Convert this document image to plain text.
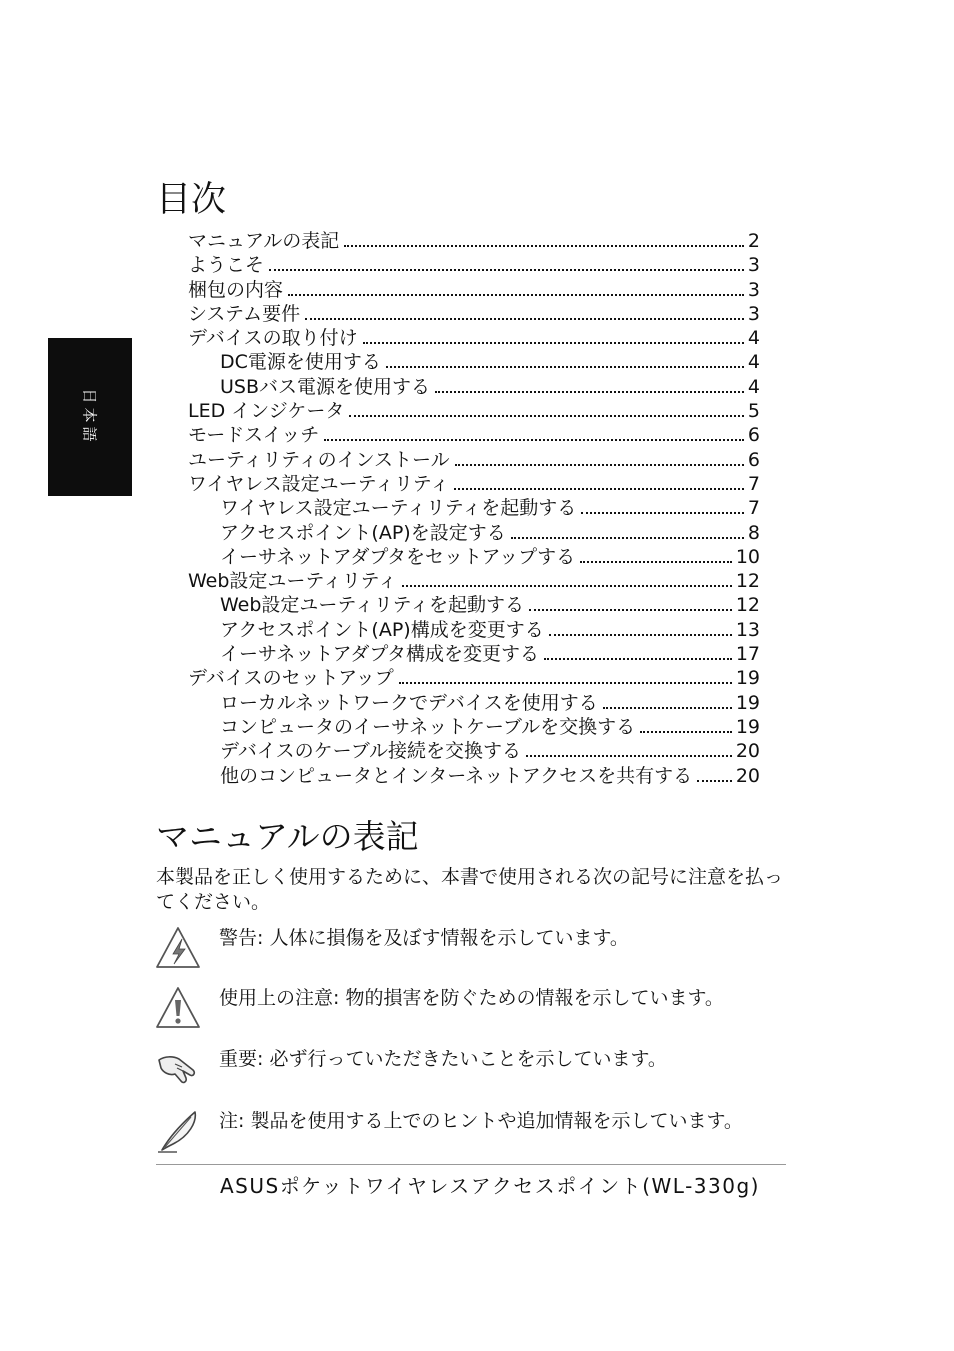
日本語
目次
マニュアルの表記	2
ようこそ	3
梱包の内容	3
システム要件	3
デバイスの取り付け	4
DC電源を使用する	4
USBバス電源を使用する	4
LED インジケータ	5
モードスイッチ	6
ユーティリティのインストール	6
ワイヤレス設定ユーティリティ	7
ワイヤレス設定ユーティリティを起動する	7
アクセスポイント(AP)を設定する	8
イーサネットアダプタをセットアップする	10
Web設定ユーティリティ	12
Web設定ユーティリティを起動する	12
アクセスポイント(AP)構成を変更する	13
イーサネットアダプタ構成を変更する	17
デバイスのセットアップ	19
ローカルネットワークでデバイスを使用する	19
コンピュータのイーサネットケーブルを交換する	19
デバイスのケーブル接続を交換する	20
他のコンピュータとインターネットアクセスを共有する 20
マニュアルの表記

本製品を正しく使用するために、本書で使用される次の記号に注意を払ってください。

警告: 人体に損傷を及ぼす情報を示しています。
使用上の注意: 物的損害を防ぐための情報を示しています。
重要: 必ず行っていただきたいことを示しています。
注: 製品を使用する上でのヒントや追加情報を示しています。
ASUSポケットワイヤレスアクセスポイント(WL-330g)
